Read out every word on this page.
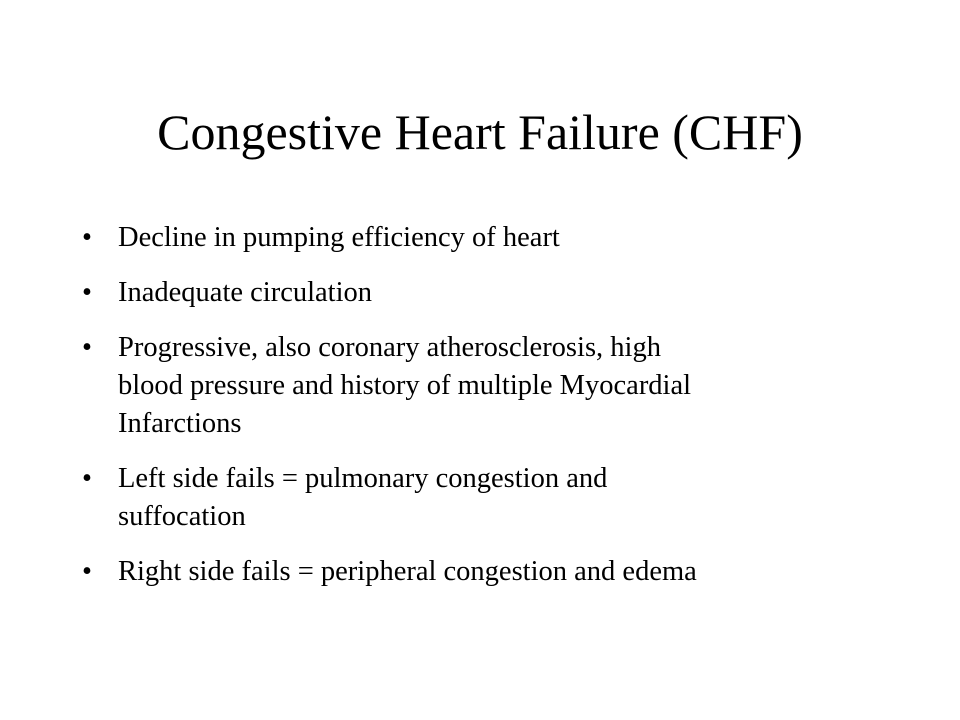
Congestive Heart Failure (CHF)
• Decline in pumping efficiency of heart
• Inadequate circulation
• Progressive, also coronary atherosclerosis, high
blood pressure and history of multiple Myocardial
Infarctions
• Left side fails = pulmonary congestion and
suffocation
• Right side fails = peripheral congestion and edema
